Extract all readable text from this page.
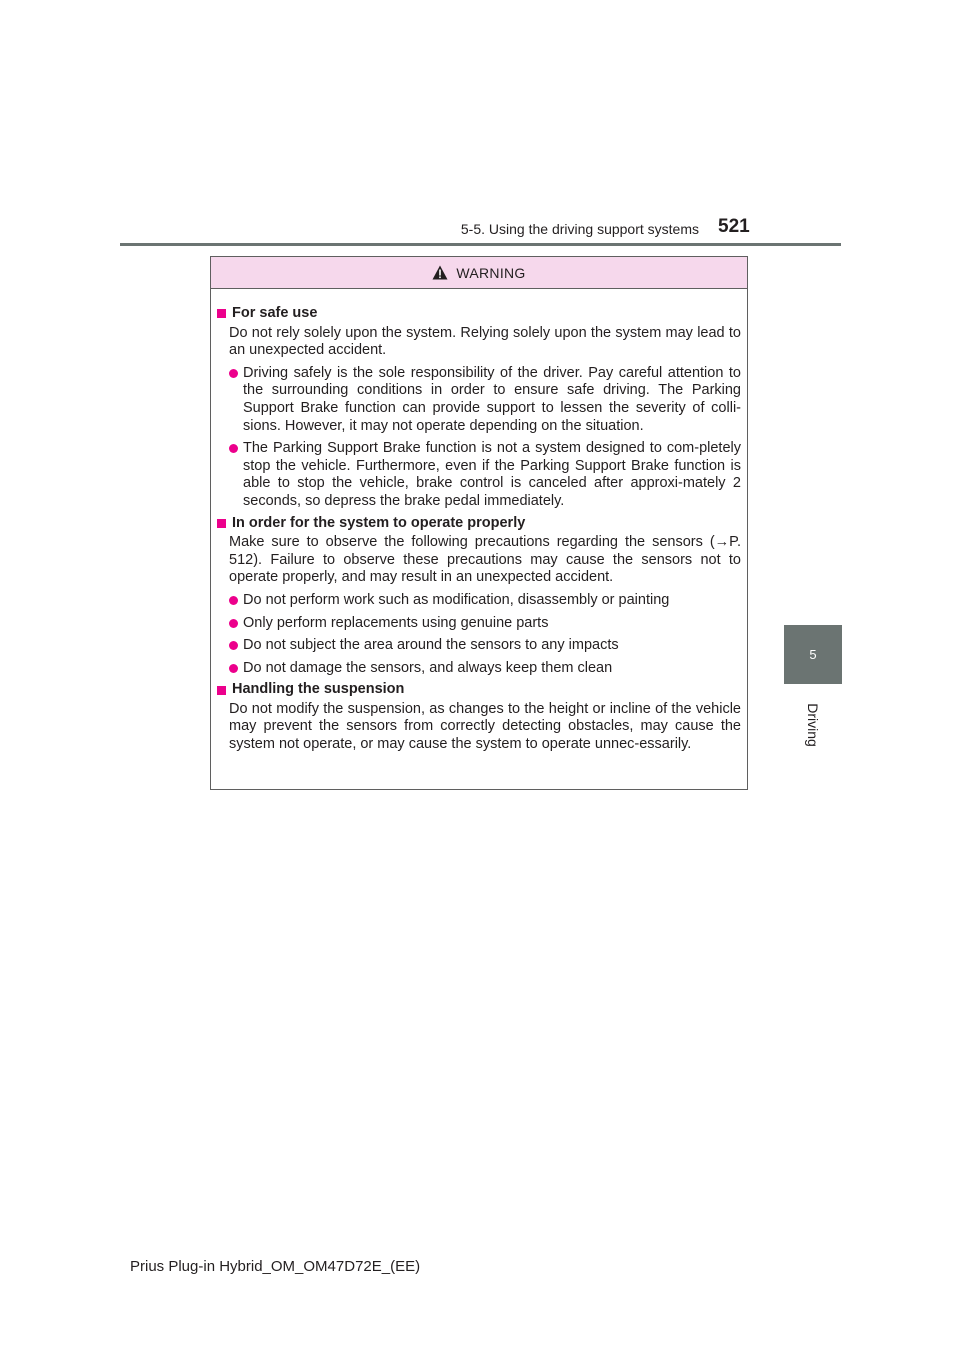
5-5. Using the driving support systems 521
5
Driving
WARNING
For safe use
Do not rely solely upon the system. Relying solely upon the system may lead to an unexpected accident.
Driving safely is the sole responsibility of the driver. Pay careful attention to the surrounding conditions in order to ensure safe driving. The Parking Support Brake function can provide support to lessen the severity of colli-sions. However, it may not operate depending on the situation.
The Parking Support Brake function is not a system designed to com-pletely stop the vehicle. Furthermore, even if the Parking Support Brake function is able to stop the vehicle, brake control is canceled after approxi-mately 2 seconds, so depress the brake pedal immediately.
In order for the system to operate properly
Make sure to observe the following precautions regarding the sensors (→P. 512). Failure to observe these precautions may cause the sensors not to operate properly, and may result in an unexpected accident.
Do not perform work such as modification, disassembly or painting
Only perform replacements using genuine parts
Do not subject the area around the sensors to any impacts
Do not damage the sensors, and always keep them clean
Handling the suspension
Do not modify the suspension, as changes to the height or incline of the vehicle may prevent the sensors from correctly detecting obstacles, may cause the system not operate, or may cause the system to operate unnec-essarily.
Prius Plug-in Hybrid_OM_OM47D72E_(EE)
